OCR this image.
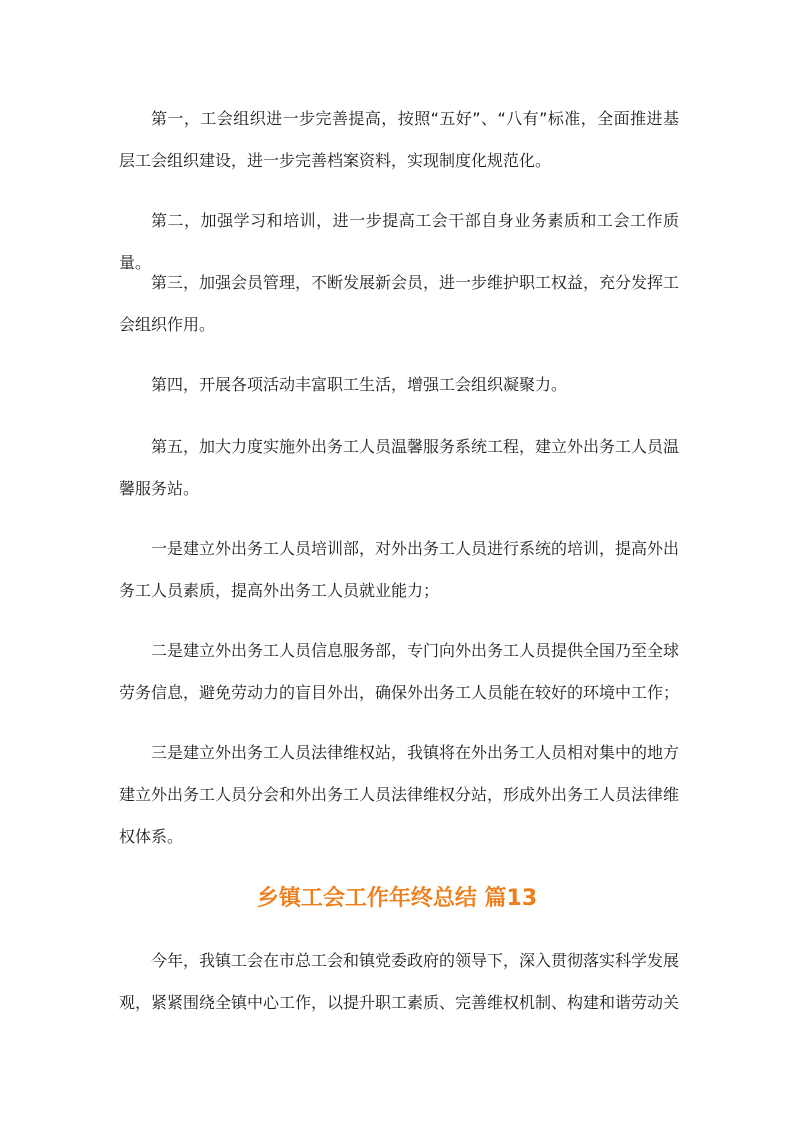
第一，工会组织进一步完善提高，按照“五好”、“八有”标准，全面推进基层工会组织建设，进一步完善档案资料，实现制度化规范化。

第二，加强学习和培训，进一步提高工会干部自身业务素质和工会工作质量。

第三，加强会员管理，不断发展新会员，进一步维护职工权益，充分发挥工会组织作用。

第四，开展各项活动丰富职工生活，增强工会组织凝聚力。

第五，加大力度实施外出务工人员温馨服务系统工程，建立外出务工人员温馨服务站。

一是建立外出务工人员培训部，对外出务工人员进行系统的培训，提高外出务工人员素质，提高外出务工人员就业能力；

二是建立外出务工人员信息服务部，专门向外出务工人员提供全国乃至全球劳务信息，避免劳动力的盲目外出，确保外出务工人员能在较好的环境中工作；

三是建立外出务工人员法律维权站，我镇将在外出务工人员相对集中的地方建立外出务工人员分会和外出务工人员法律维权分站，形成外出务工人员法律维权体系。

乡镇工会工作年终总结 篇13

今年，我镇工会在市总工会和镇党委政府的领导下，深入贯彻落实科学发展观，紧紧围绕全镇中心工作，以提升职工素质、完善维权机制、构建和谐劳动关
